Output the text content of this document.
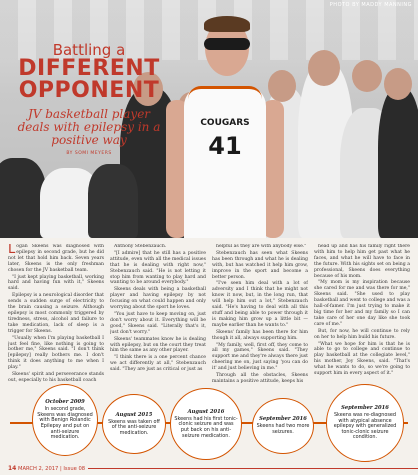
COUGARS
41
PHOTO BY MADDY MANNING
Battling a
DIFFERENT
OPPONENT
JV basketball player deals with epilepsy in a positive way
BY SOMI MEYERS

Logan Skeens was diagnosed with epilepsy in second grade, but he did not let that hold him back. Seven years later, Skeens is the only freshman chosen for the JV basketball team.

"I just kept playing basketball, working hard and having fun with it," Skeens said.

Epilepsy is a neurological disorder that sends a sudden surge of electricity to the brain causing a seizure. Although epilepsy is most commonly triggered by tiredness, stress, alcohol and failure to take medication, lack of sleep is a trigger for Skeens.

"Usually when I'm playing basketball I just feel fine, like nothing is going to bother me," Skeens said. "I don't think [epilepsy] really bothers me. I don't think it does anything to me when I play."

Skeens' spirit and perseverance stands out, especially to his basketball coach

Anthony Stebenzauch.

"[I admire] that he still has a positive attitude, even with all the medical issues that he is dealing with right now," Stebenzauch said. "He is not letting it stop him from wanting to play hard and wanting to be around everybody."

Skeens deals with being a basketball player and having epilepsy by not focusing on what could happen and only worrying about the sport he loves.

"You just have to keep moving on, just don't worry about it. Everything will be good," Skeens said. "Literally that's it, just don't worry."

Skeens' teammates know he is dealing with epilepsy, but on the court they treat him the same as any other player.

"I think there is a one percent chance we act differently at all," Stebenzauch said. "They are just as critical or just as

helpful as they are with anybody else."

Stebenzauch has seen what Skeens has been through and what he is dealing with, but has watched it help him grow, improve in the sport and become a better person.

"I've seen him deal with a lot of adversity and I think that he might not know it now, but, in the long run, that will help him out a lot," Stebenzauch said. "He's having to deal with all this stuff and being able to power through it is making him grow up a little bit — maybe earlier than he wants to."

Skeens' family has been there for him though it all, always supporting him.

"My family, well, first off, they come to all my games," Skeens said. "They support me and they're always there just cheering me on, just saying 'you can do it' and just believing in me."

Through all the obstacles, Skeens maintains a positive attitude, keeps his

head up and has his family right there with him to help him get past what he faces, and what he will have to face in the future. With his sights set on being a professional, Skeens does everything because of his mom.

"My mom is my inspiration because she cared for me and was there for me," Skeens said. "She used to play basketball and went to college and was a hall-of-famer. I'm just trying to make it big time for her and my family so I can take care of her one day like she took care of me."

But, for now, he will continue to rely on her to help him build his future.

"What we hope for him is that he is able to go to college and continue to play basketball at the collegiate level," his mother, Joy Skeens, said. "That's what he wants to do, so we're going to support him in every aspect of it."

October 2009
In second grade, Skeens was diagnosed with Benign Rolandic Epilepsy and put on anti-seizure medication.
August 2015
Skeens was taken off of the anti-seizure medication.
August 2016
Skeens had his first tonic-clonic seizure and was put back on his anti-seizure medication.
September 2016
Skeens had two more seizures.
September 2016
Skeens was re-diagnosed with atypical absence epilepsy with generalized tonic-clonic seizure condition.
14 MARCH 2, 2017 | Issue 08
